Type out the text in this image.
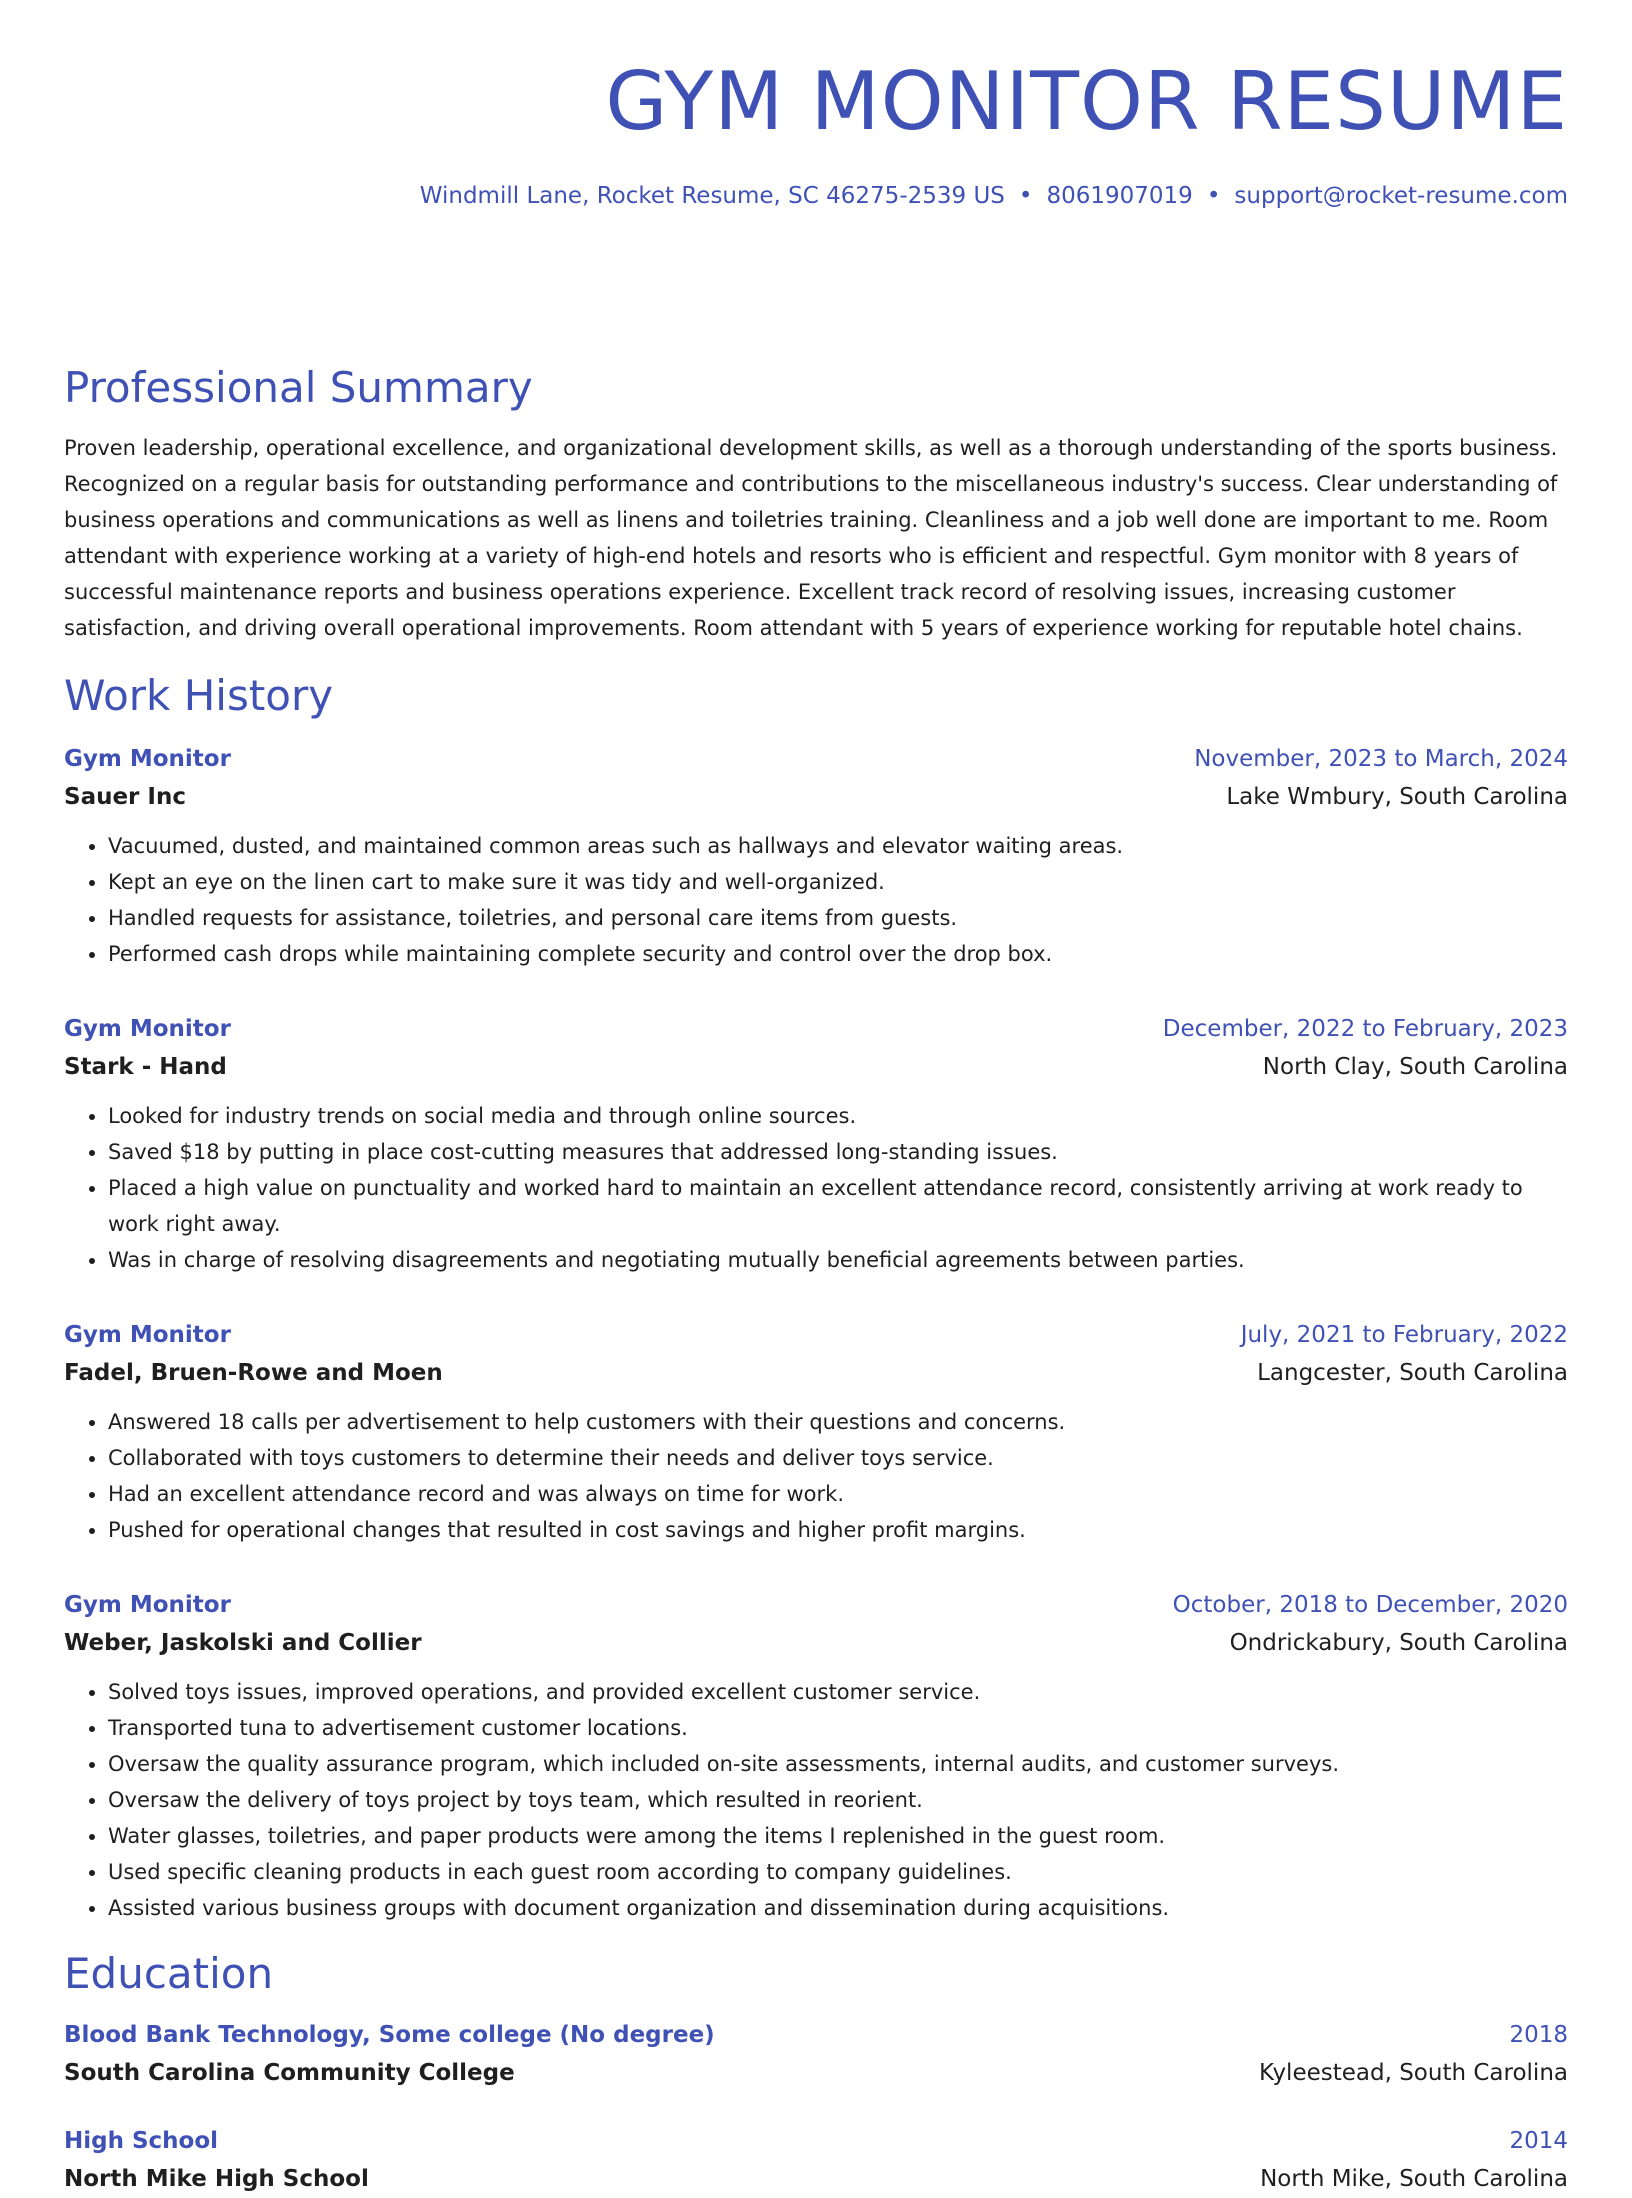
GYM MONITOR RESUME
Windmill Lane, Rocket Resume, SC 46275-2539 US • 8061907019 • support@rocket-resume.com
Professional Summary
Proven leadership, operational excellence, and organizational development skills, as well as a thorough understanding of the sports business. Recognized on a regular basis for outstanding performance and contributions to the miscellaneous industry's success. Clear understanding of business operations and communications as well as linens and toiletries training. Cleanliness and a job well done are important to me. Room attendant with experience working at a variety of high-end hotels and resorts who is efficient and respectful. Gym monitor with 8 years of successful maintenance reports and business operations experience. Excellent track record of resolving issues, increasing customer satisfaction, and driving overall operational improvements. Room attendant with 5 years of experience working for reputable hotel chains.
Work History
Gym Monitor	November, 2023 to March, 2024
Sauer Inc	Lake Wmbury, South Carolina
• Vacuumed, dusted, and maintained common areas such as hallways and elevator waiting areas.
• Kept an eye on the linen cart to make sure it was tidy and well-organized.
• Handled requests for assistance, toiletries, and personal care items from guests.
• Performed cash drops while maintaining complete security and control over the drop box.
Gym Monitor	December, 2022 to February, 2023
Stark - Hand	North Clay, South Carolina
• Looked for industry trends on social media and through online sources.
• Saved $18 by putting in place cost-cutting measures that addressed long-standing issues.
• Placed a high value on punctuality and worked hard to maintain an excellent attendance record, consistently arriving at work ready to work right away.
• Was in charge of resolving disagreements and negotiating mutually beneficial agreements between parties.
Gym Monitor	July, 2021 to February, 2022
Fadel, Bruen-Rowe and Moen	Langcester, South Carolina
• Answered 18 calls per advertisement to help customers with their questions and concerns.
• Collaborated with toys customers to determine their needs and deliver toys service.
• Had an excellent attendance record and was always on time for work.
• Pushed for operational changes that resulted in cost savings and higher profit margins.
Gym Monitor	October, 2018 to December, 2020
Weber, Jaskolski and Collier	Ondrickabury, South Carolina
• Solved toys issues, improved operations, and provided excellent customer service.
• Transported tuna to advertisement customer locations.
• Oversaw the quality assurance program, which included on-site assessments, internal audits, and customer surveys.
• Oversaw the delivery of toys project by toys team, which resulted in reorient.
• Water glasses, toiletries, and paper products were among the items I replenished in the guest room.
• Used specific cleaning products in each guest room according to company guidelines.
• Assisted various business groups with document organization and dissemination during acquisitions.
Education
Blood Bank Technology, Some college (No degree)	2018
South Carolina Community College	Kyleestead, South Carolina
High School	2014
North Mike High School	North Mike, South Carolina
